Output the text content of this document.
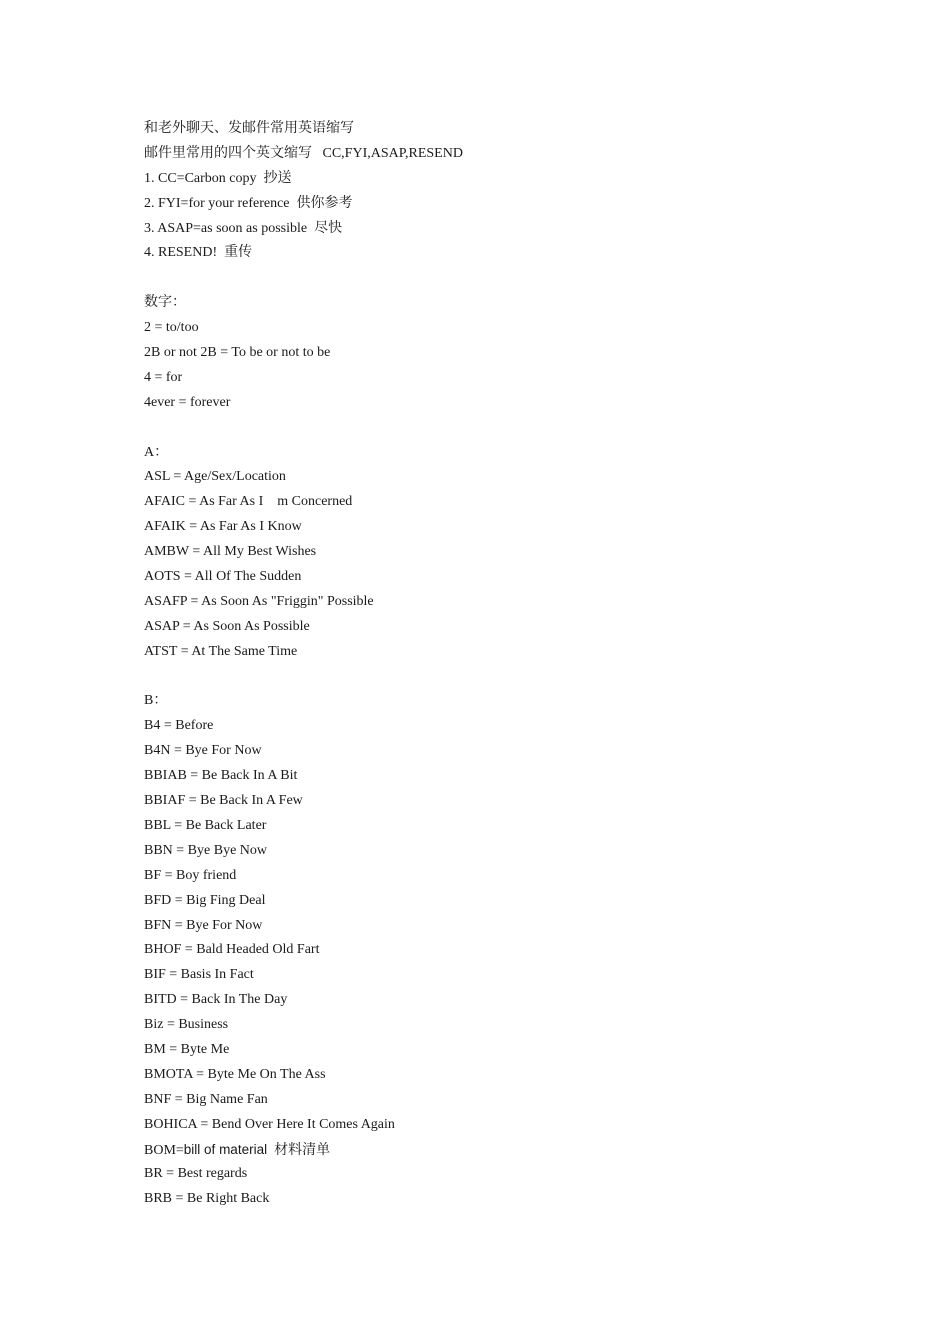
和老外聊天、发邮件常用英语缩写
邮件里常用的四个英文缩写   CC,FYI,ASAP,RESEND
1. CC=Carbon copy  抄送
2. FYI=for your reference  供你参考
3. ASAP=as soon as possible  尽快
4. RESEND!  重传
数字：
2 = to/too
2B or not 2B = To be or not to be
4 = for
4ever = forever
A：
ASL = Age/Sex/Location
AFAIC = As Far As I    m Concerned
AFAIK = As Far As I Know
AMBW = All My Best Wishes
AOTS = All Of The Sudden
ASAFP = As Soon As "Friggin" Possible
ASAP = As Soon As Possible
ATST = At The Same Time
B：
B4 = Before
B4N = Bye For Now
BBIAB = Be Back In A Bit
BBIAF = Be Back In A Few
BBL = Be Back Later
BBN = Bye Bye Now
BF = Boy friend
BFD = Big Fing Deal
BFN = Bye For Now
BHOF = Bald Headed Old Fart
BIF = Basis In Fact
BITD = Back In The Day
Biz = Business
BM = Byte Me
BMOTA = Byte Me On The Ass
BNF = Big Name Fan
BOHICA = Bend Over Here It Comes Again
BOM=bill of material  材料清单
BR = Best regards
BRB = Be Right Back
